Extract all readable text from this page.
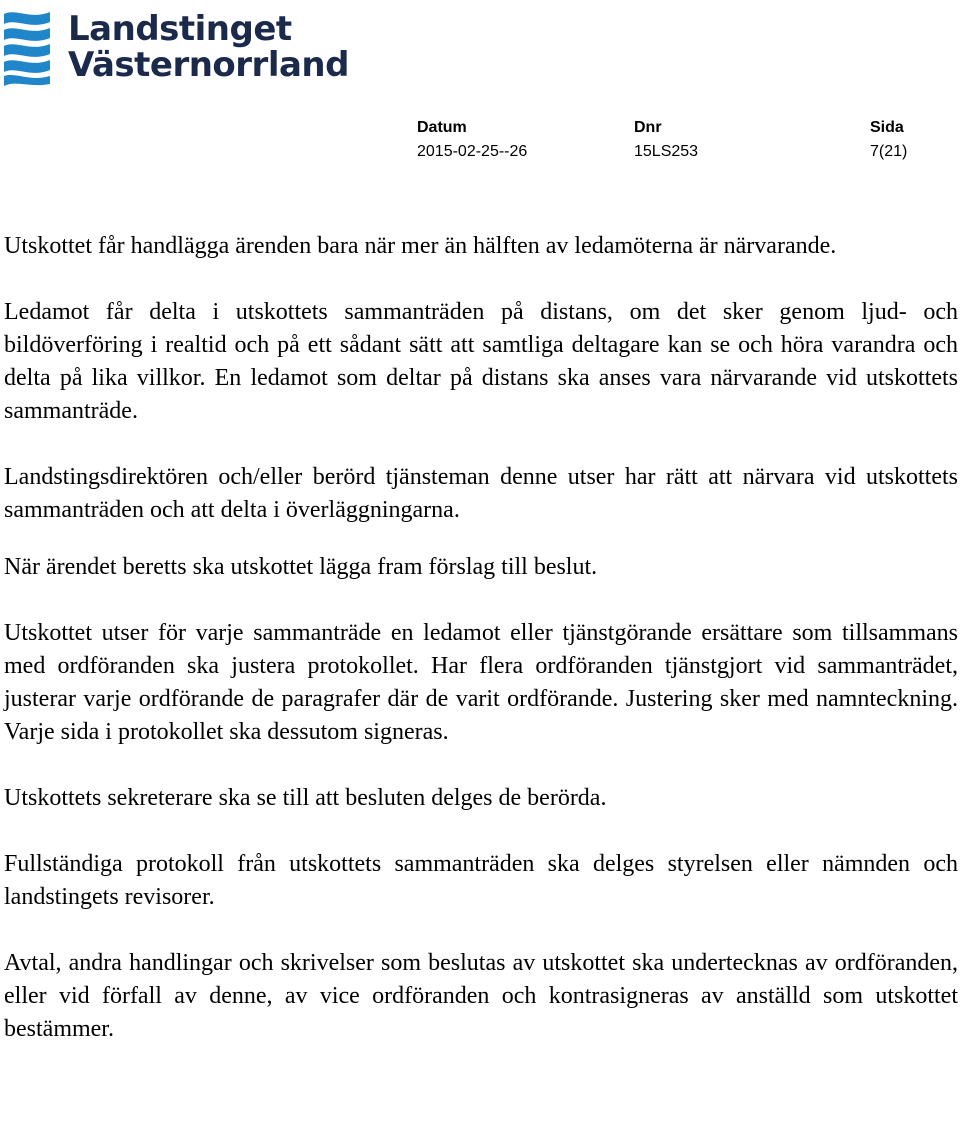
Landstinget
Västernorrland
Datum
2015-02-25--26
Dnr
15LS253
Sida
7(21)

Utskottet får handlägga ärenden bara när mer än hälften av ledamöterna är närvarande.

Ledamot får delta i utskottets sammanträden på distans, om det sker genom ljud- och bildöverföring i realtid och på ett sådant sätt att samtliga deltagare kan se och höra varandra och delta på lika villkor. En ledamot som deltar på distans ska anses vara närvarande vid utskottets sammanträde.

Landstingsdirektören och/eller berörd tjänsteman denne utser har rätt att närvara vid utskottets sammanträden och att delta i överläggningarna.

När ärendet beretts ska utskottet lägga fram förslag till beslut.

Utskottet utser för varje sammanträde en ledamot eller tjänstgörande ersättare som tillsammans med ordföranden ska justera protokollet. Har flera ordföranden tjänstgjort vid sammanträdet, justerar varje ordförande de paragrafer där de varit ordförande. Justering sker med namnteckning. Varje sida i protokollet ska dessutom signeras.

Utskottets sekreterare ska se till att besluten delges de berörda.

Fullständiga protokoll från utskottets sammanträden ska delges styrelsen eller nämnden och landstingets revisorer.

Avtal, andra handlingar och skrivelser som beslutas av utskottet ska undertecknas av ordföranden, eller vid förfall av denne, av vice ordföranden och kontrasigneras av anställd som utskottet bestämmer.
